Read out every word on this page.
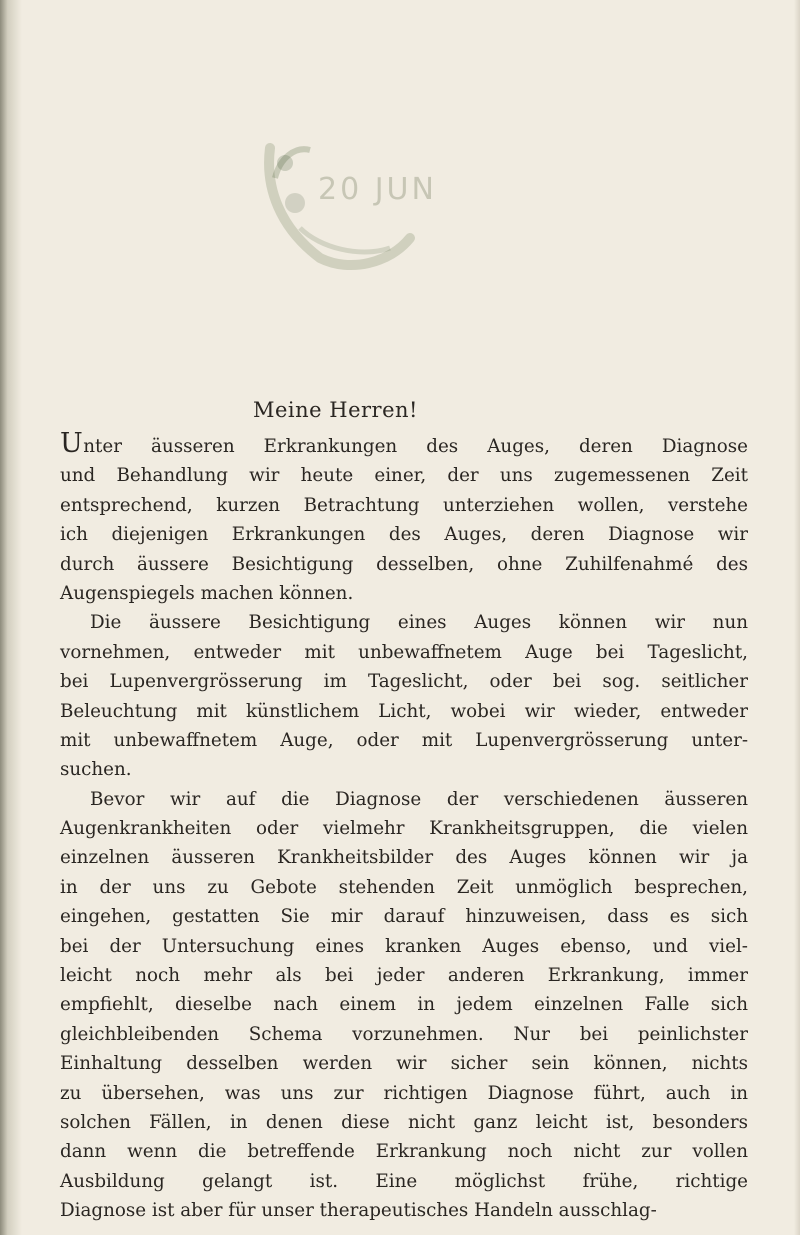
20 JUN
Meine Herren!
Unter äusseren Erkrankungen des Auges, deren Diagnose
und Behandlung wir heute einer, der uns zugemessenen Zeit
entsprechend, kurzen Betrachtung unterziehen wollen, verstehe
ich diejenigen Erkrankungen des Auges, deren Diagnose wir
durch äussere Besichtigung desselben, ohne Zuhilfenahmé des
Augenspiegels machen können.
Die äussere Besichtigung eines Auges können wir nun
vornehmen, entweder mit unbewaffnetem Auge bei Tageslicht,
bei Lupenvergrösserung im Tageslicht, oder bei sog. seitlicher
Beleuchtung mit künstlichem Licht, wobei wir wieder, entweder
mit unbewaffnetem Auge, oder mit Lupenvergrösserung unter-
suchen.
Bevor wir auf die Diagnose der verschiedenen äusseren
Augenkrankheiten oder vielmehr Krankheitsgruppen, die vielen
einzelnen äusseren Krankheitsbilder des Auges können wir ja
in der uns zu Gebote stehenden Zeit unmöglich besprechen,
eingehen, gestatten Sie mir darauf hinzuweisen, dass es sich
bei der Untersuchung eines kranken Auges ebenso, und viel-
leicht noch mehr als bei jeder anderen Erkrankung, immer
empfiehlt, dieselbe nach einem in jedem einzelnen Falle sich
gleichbleibenden Schema vorzunehmen. Nur bei peinlichster
Einhaltung desselben werden wir sicher sein können, nichts
zu übersehen, was uns zur richtigen Diagnose führt, auch in
solchen Fällen, in denen diese nicht ganz leicht ist, besonders
dann wenn die betreffende Erkrankung noch nicht zur vollen
Ausbildung gelangt ist. Eine möglichst frühe, richtige
Diagnose ist aber für unser therapeutisches Handeln ausschlag-
